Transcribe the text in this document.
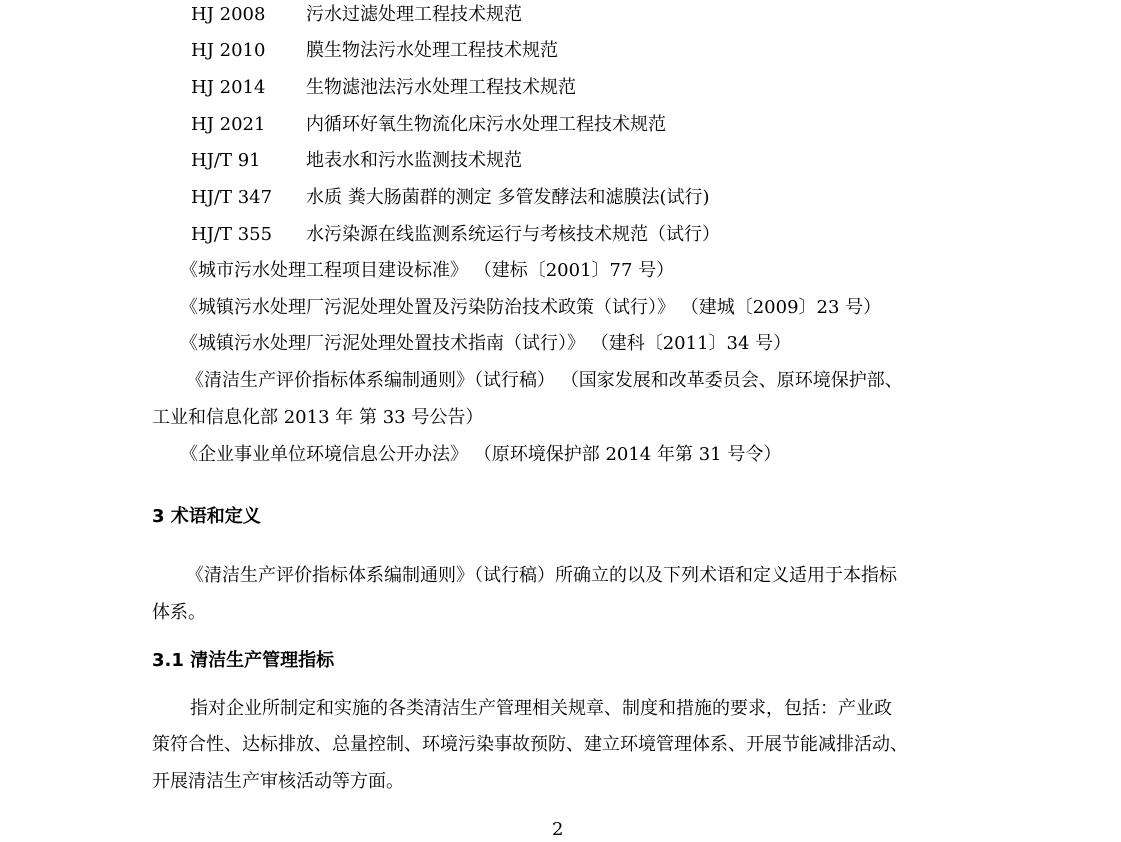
HJ 2008 污水过滤处理工程技术规范
HJ 2010 膜生物法污水处理工程技术规范
HJ 2014 生物滤池法污水处理工程技术规范
HJ 2021 内循环好氧生物流化床污水处理工程技术规范
HJ/T 91	地表水和污水监测技术规范
HJ/T 347 水质 粪大肠菌群的测定 多管发酵法和滤膜法(试行)
HJ/T 355 水污染源在线监测系统运行与考核技术规范（试行）
《城市污水处理工程项目建设标准》 （建标〔2001〕77 号）
《城镇污水处理厂污泥处理处置及污染防治技术政策（试行）》 （建城〔2009〕23 号）
《城镇污水处理厂污泥处理处置技术指南（试行）》 （建科〔2011〕34 号）
《清洁生产评价指标体系编制通则》（试行稿） （国家发展和改革委员会、原环境保护部、
工业和信息化部 2013 年 第 33 号公告）
《企业事业单位环境信息公开办法》 （原环境保护部 2014 年第 31 号令）
3 术语和定义
《清洁生产评价指标体系编制通则》（试行稿）所确立的以及下列术语和定义适用于本指标
体系。
3.1 清洁生产管理指标
指对企业所制定和实施的各类清洁生产管理相关规章、制度和措施的要求，包括：产业政
策符合性、达标排放、总量控制、环境污染事故预防、建立环境管理体系、开展节能减排活动、
开展清洁生产审核活动等方面。
2
